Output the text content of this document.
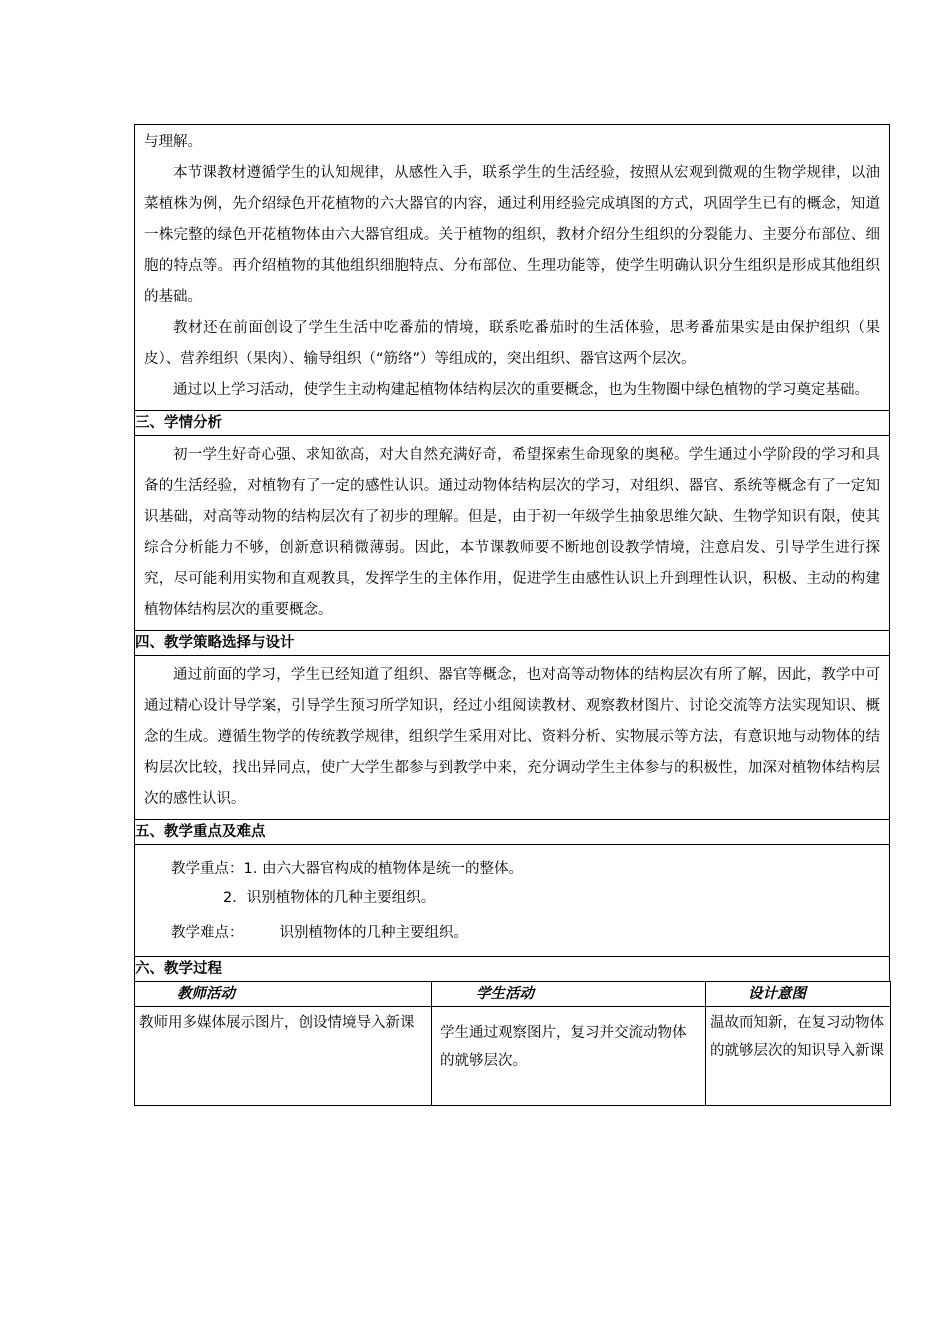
与理解。

本节课教材遵循学生的认知规律，从感性入手，联系学生的生活经验，按照从宏观到微观的生物学规律，以油菜植株为例，先介绍绿色开花植物的六大器官的内容，通过利用经验完成填图的方式，巩固学生已有的概念，知道一株完整的绿色开花植物体由六大器官组成。关于植物的组织，教材介绍分生组织的分裂能力、主要分布部位、细胞的特点等。再介绍植物的其他组织细胞特点、分布部位、生理功能等，使学生明确认识分生组织是形成其他组织的基础。

教材还在前面创设了学生生活中吃番茄的情境，联系吃番茄时的生活体验，思考番茄果实是由保护组织（果皮）、营养组织（果肉）、输导组织（“筋络”）等组成的，突出组织、器官这两个层次。

通过以上学习活动，使学生主动构建起植物体结构层次的重要概念，也为生物圈中绿色植物的学习奠定基础。

三、学情分析

初一学生好奇心强、求知欲高，对大自然充满好奇，希望探索生命现象的奥秘。学生通过小学阶段的学习和具备的生活经验，对植物有了一定的感性认识。通过动物体结构层次的学习，对组织、器官、系统等概念有了一定知识基础，对高等动物的结构层次有了初步的理解。但是，由于初一年级学生抽象思维欠缺、生物学知识有限，使其综合分析能力不够，创新意识稍微薄弱。因此，本节课教师要不断地创设教学情境，注意启发、引导学生进行探究，尽可能利用实物和直观教具，发挥学生的主体作用，促进学生由感性认识上升到理性认识，积极、主动的构建植物体结构层次的重要概念。

四、教学策略选择与设计

通过前面的学习，学生已经知道了组织、器官等概念，也对高等动物体的结构层次有所了解，因此，教学中可通过精心设计导学案，引导学生预习所学知识，经过小组阅读教材、观察教材图片、讨论交流等方法实现知识、概念的生成。遵循生物学的传统教学规律，组织学生采用对比、资料分析、实物展示等方法，有意识地与动物体的结构层次比较，找出异同点，使广大学生都参与到教学中来，充分调动学生主体参与的积极性，加深对植物体结构层次的感性认识。

五、教学重点及难点

教学重点：1. 由六大器官构成的植物体是统一的整体。
2．识别植物体的几种主要组织。
教学难点： 识别植物体的几种主要组织。

六、教学过程
教师活动	学生活动	设计意图
教师用多媒体展示图片，创设情境导入新课	学生通过观察图片，复习并交流动物体的就够层次。	温故而知新，在复习动物体的就够层次的知识导入新课
